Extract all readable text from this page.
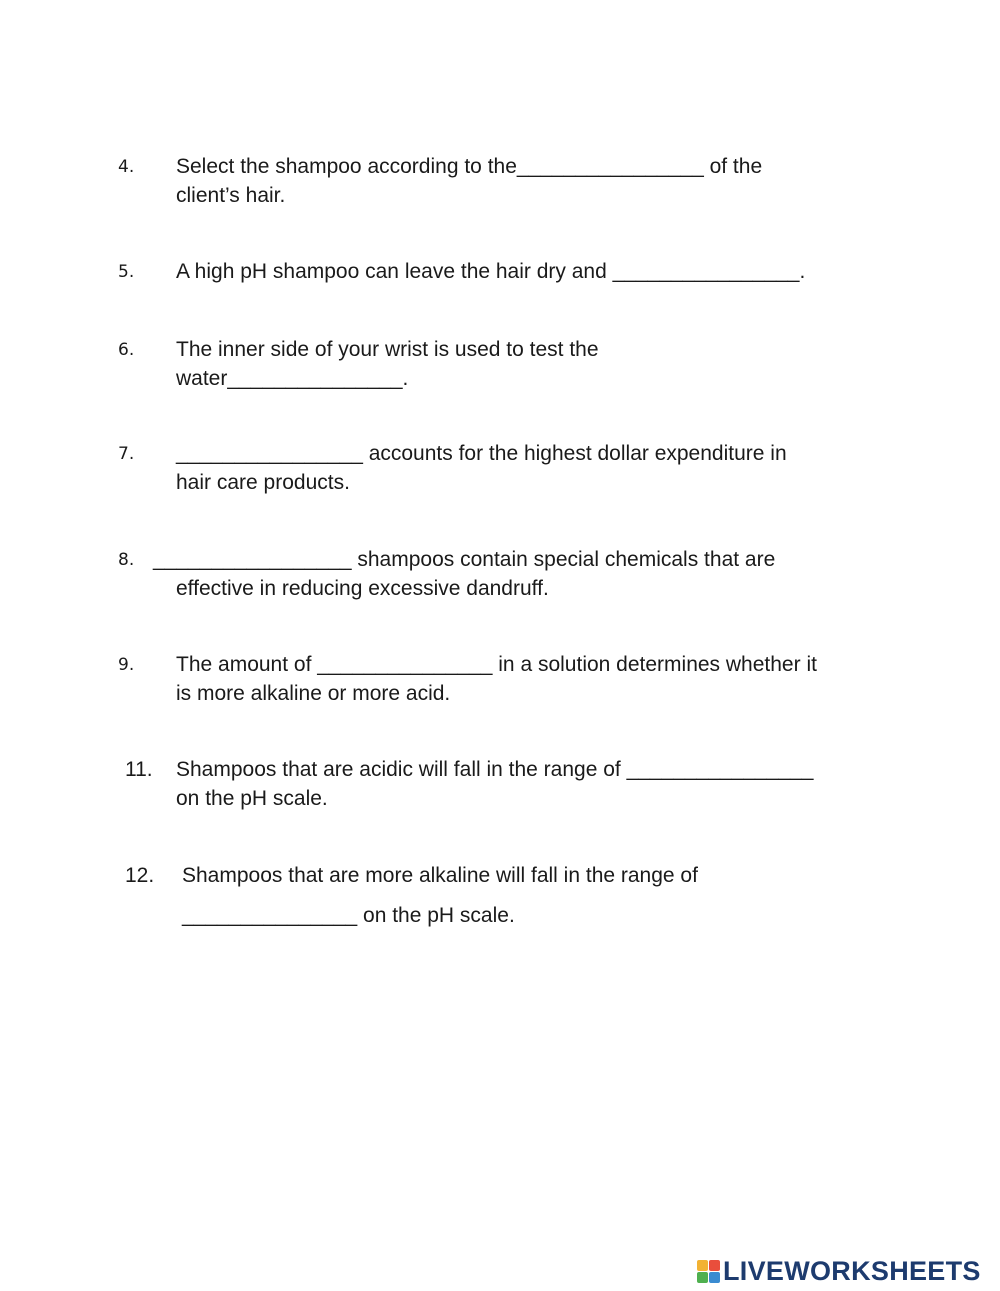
4. Select the shampoo according to the________________ of the
client’s hair.
5. A high pH shampoo can leave the hair dry and ________________.
6. The inner side of your wrist is used to test the
water_______________.
7. ________________ accounts for the highest dollar expenditure in
hair care products.
8. _________________ shampoos contain special chemicals that are
effective in reducing excessive dandruff.
9. The amount of _______________ in a solution determines whether it
is more alkaline or more acid.
11. Shampoos that are acidic will fall in the range of ________________
on the pH scale.
12. Shampoos that are more alkaline will fall in the range of
_______________ on the pH scale.
LIVEWORKSHEETS
